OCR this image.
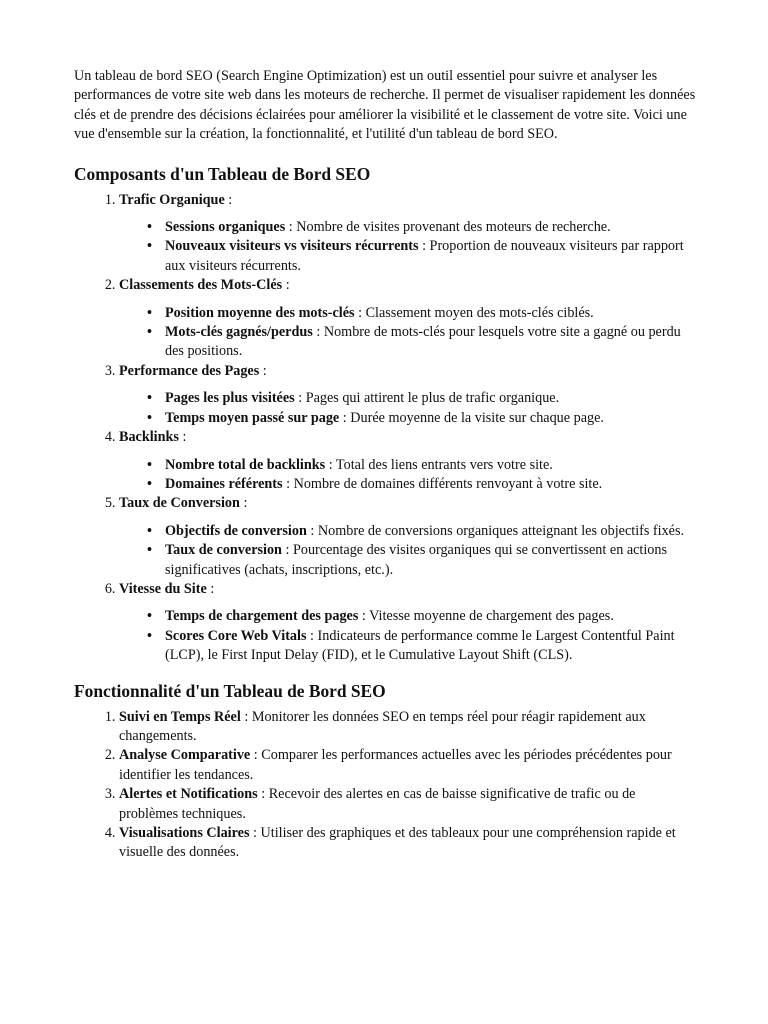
Un tableau de bord SEO (Search Engine Optimization) est un outil essentiel pour suivre et analyser les performances de votre site web dans les moteurs de recherche. Il permet de visualiser rapidement les données clés et de prendre des décisions éclairées pour améliorer la visibilité et le classement de votre site. Voici une vue d'ensemble sur la création, la fonctionnalité, et l'utilité d'un tableau de bord SEO.

Composants d'un Tableau de Bord SEO
1. Trafic Organique :
• Sessions organiques : Nombre de visites provenant des moteurs de recherche.
• Nouveaux visiteurs vs visiteurs récurrents : Proportion de nouveaux visiteurs par rapport aux visiteurs récurrents.
2. Classements des Mots-Clés :
• Position moyenne des mots-clés : Classement moyen des mots-clés ciblés.
• Mots-clés gagnés/perdus : Nombre de mots-clés pour lesquels votre site a gagné ou perdu des positions.
3. Performance des Pages :
• Pages les plus visitées : Pages qui attirent le plus de trafic organique.
• Temps moyen passé sur page : Durée moyenne de la visite sur chaque page.
4. Backlinks :
• Nombre total de backlinks : Total des liens entrants vers votre site.
• Domaines référents : Nombre de domaines différents renvoyant à votre site.
5. Taux de Conversion :
• Objectifs de conversion : Nombre de conversions organiques atteignant les objectifs fixés.
• Taux de conversion : Pourcentage des visites organiques qui se convertissent en actions significatives (achats, inscriptions, etc.).
6. Vitesse du Site :
• Temps de chargement des pages : Vitesse moyenne de chargement des pages.
• Scores Core Web Vitals : Indicateurs de performance comme le Largest Contentful Paint (LCP), le First Input Delay (FID), et le Cumulative Layout Shift (CLS).
Fonctionnalité d'un Tableau de Bord SEO
1. Suivi en Temps Réel : Monitorer les données SEO en temps réel pour réagir rapidement aux changements.
2. Analyse Comparative : Comparer les performances actuelles avec les périodes précédentes pour identifier les tendances.
3. Alertes et Notifications : Recevoir des alertes en cas de baisse significative de trafic ou de problèmes techniques.
4. Visualisations Claires : Utiliser des graphiques et des tableaux pour une compréhension rapide et visuelle des données.
